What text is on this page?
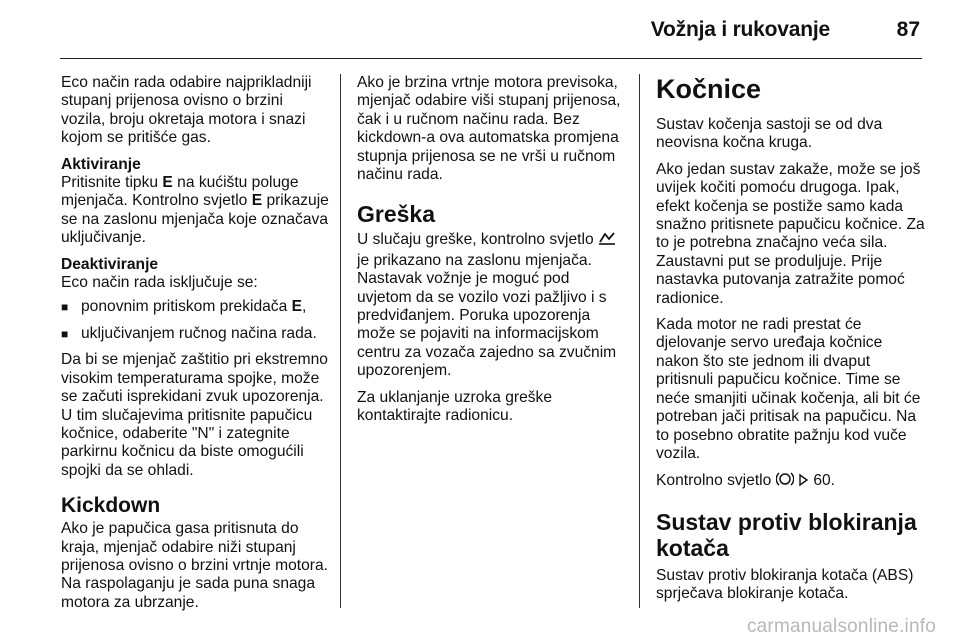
Vožnja i rukovanje	87

Eco način rada odabire najprikladniji stupanj prijenosa ovisno o brzini vozila, broju okretaja motora i snazi kojom se pritišće gas.

Aktiviranje
Pritisnite tipku E na kućištu poluge mjenjača. Kontrolno svjetlo E prikazuje se na zaslonu mjenjača koje označava uključivanje.

Deaktiviranje
Eco način rada isključuje se:

■ ponovnim pritiskom prekidača E,
■ uključivanjem ručnog načina rada.

Da bi se mjenjač zaštitio pri ekstremno visokim temperaturama spojke, može se začuti isprekidani zvuk upozorenja. U tim slučajevima pritisnite papučicu kočnice, odaberite "N" i zategnite parkirnu kočnicu da biste omogućili spojki da se ohladi.

Kickdown

Ako je papučica gasa pritisnuta do kraja, mjenjač odabire niži stupanj prijenosa ovisno o brzini vrtnje motora. Na raspolaganju je sada puna snaga motora za ubrzanje.

Ako je brzina vrtnje motora previsoka, mjenjač odabire viši stupanj prijenosa, čak i u ručnom načinu rada. Bez kickdown-a ova automatska promjena stupnja prijenosa se ne vrši u ručnom načinu rada.

Greška

U slučaju greške, kontrolno svjetlo  je prikazano na zaslonu mjenjača. Nastavak vožnje je moguć pod uvjetom da se vozilo vozi pažljivo i s predviđanjem. Poruka upozorenja može se pojaviti na informacijskom centru za vozača zajedno sa zvučnim upozorenjem.

Za uklanjanje uzroka greške kontaktirajte radionicu.

Kočnice

Sustav kočenja sastoji se od dva neovisna kočna kruga.

Ako jedan sustav zakaže, može se još uvijek kočiti pomoću drugoga. Ipak, efekt kočenja se postiže samo kada snažno pritisnete papučicu kočnice. Za to je potrebna značajno veća sila. Zaustavni put se produljuje. Prije nastavka putovanja zatražite pomoć radionice.

Kada motor ne radi prestat će djelovanje servo uređaja kočnice nakon što ste jednom ili dvaput pritisnuli papučicu kočnice. Time se neće smanjiti učinak kočenja, ali bit će potreban jači pritisak na papučicu. Na to posebno obratite pažnju kod vuče vozila.

Kontrolno svjetlo   60.

Sustav protiv blokiranja kotača

Sustav protiv blokiranja kotača (ABS) sprječava blokiranje kotača.

carmanualsonline.info
